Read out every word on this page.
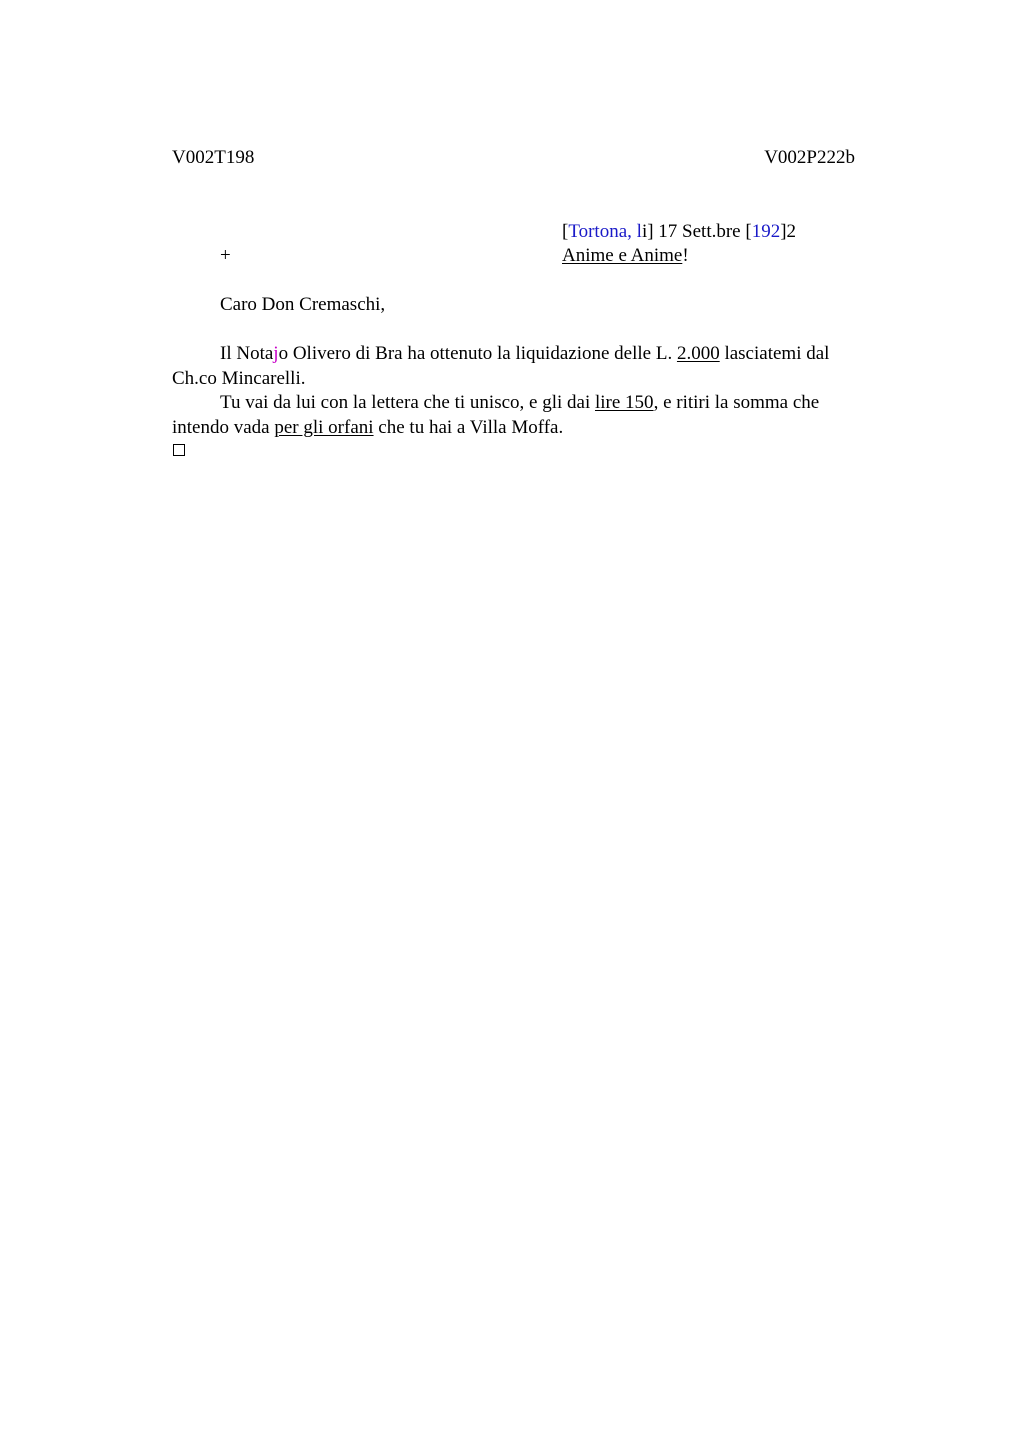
V002T198	V002P222b
[Tortona, li] 17 Sett.bre [192]2
+	Anime e Anime!
Caro Don Cremaschi,
Il Notajo Olivero di Bra ha ottenuto la liquidazione delle L. 2.000 lasciatemi dal Ch.co Mincarelli.
Tu vai da lui con la lettera che ti unisco, e gli dai lire 150, e ritiri la somma che intendo vada per gli orfani che tu hai a Villa Moffa.
